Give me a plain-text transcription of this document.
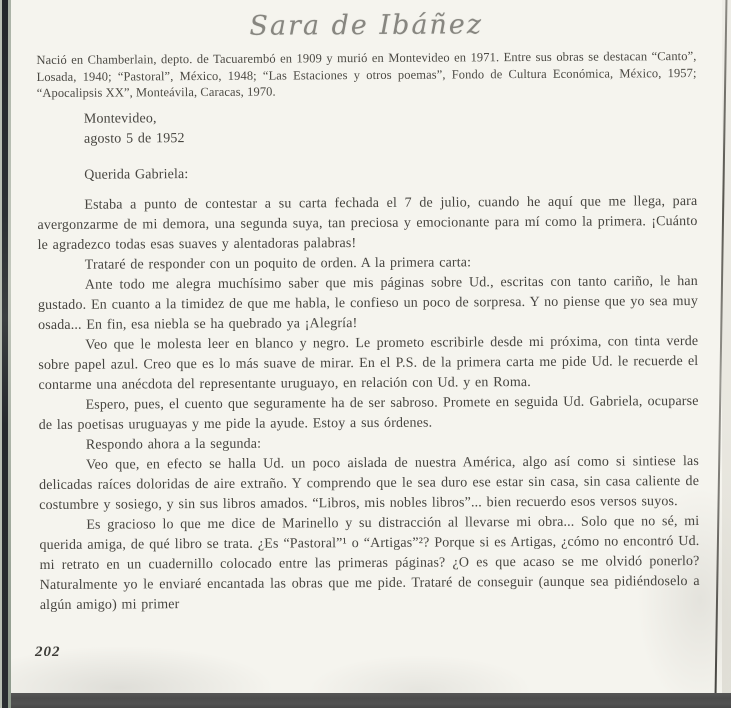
Sara de Ibáñez

Nació en Chamberlain, depto. de Tacuarembó en 1909 y murió en Montevideo en 1971. Entre sus obras se destacan “Canto”, Losada, 1940; “Pastoral”, México, 1948; “Las Estaciones y otros poemas”, Fondo de Cultura Económica, México, 1957; “Apocalipsis XX”, Monteávila, Caracas, 1970.

Montevideo,
agosto 5 de 1952
Querida Gabriela:

Estaba a punto de contestar a su carta fechada el 7 de julio, cuando he aquí que me llega, para avergonzarme de mi demora, una segunda suya, tan preciosa y emocionante para mí como la primera. ¡Cuánto le agradezco todas esas suaves y alentadoras palabras!

Trataré de responder con un poquito de orden. A la primera carta:

Ante todo me alegra muchísimo saber que mis páginas sobre Ud., escritas con tanto cariño, le han gustado. En cuanto a la timidez de que me habla, le confieso un poco de sorpresa. Y no piense que yo sea muy osada... En fin, esa niebla se ha quebrado ya ¡Alegría!

Veo que le molesta leer en blanco y negro. Le prometo escribirle desde mi próxima, con tinta verde sobre papel azul. Creo que es lo más suave de mirar. En el P.S. de la primera carta me pide Ud. le recuerde el contarme una anécdota del representante uruguayo, en relación con Ud. y en Roma.

Espero, pues, el cuento que seguramente ha de ser sabroso. Promete en seguida Ud. Gabriela, ocuparse de las poetisas uruguayas y me pide la ayude. Estoy a sus órdenes.

Respondo ahora a la segunda:

Veo que, en efecto se halla Ud. un poco aislada de nuestra América, algo así como si sintiese las delicadas raíces doloridas de aire extraño. Y comprendo que le sea duro ese estar sin casa, sin casa caliente de costumbre y sosiego, y sin sus libros amados. “Libros, mis nobles libros”... bien recuerdo esos versos suyos.

Es gracioso lo que me dice de Marinello y su distracción al llevarse mi obra... Solo que no sé, mi querida amiga, de qué libro se trata. ¿Es “Pastoral”¹ o “Artigas”²? Porque si es Artigas, ¿cómo no encontró Ud. mi retrato en un cuadernillo colocado entre las primeras páginas? ¿O es que acaso se me olvidó ponerlo? Naturalmente yo le enviaré encantada las obras que me pide. Trataré de conseguir (aunque sea pidiéndoselo a algún amigo) mi primer

202
